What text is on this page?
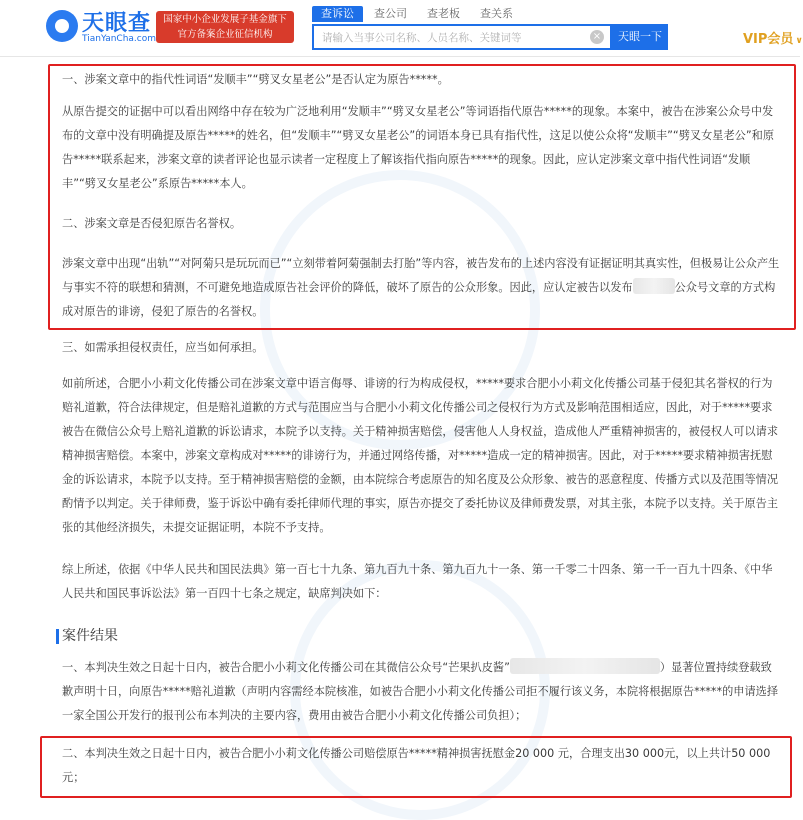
天眼查
TianYanCha.com
国家中小企业发展子基金旗下
官方备案企业征信机构
查诉讼	查公司	查老板	查关系
请输入当事公司名称、人员名称、关键词等
×	天眼一下	VIP会员 ∨

一、涉案文章中的指代性词语“发顺丰”“劈叉女星老公”是否认定为原告*****。

从原告提交的证据中可以看出网络中存在较为广泛地利用“发顺丰”“劈叉女星老公”等词语指代原告*****的现象。本案中，被告在涉案公众号中发布的文章中没有明确提及原告*****的姓名，但“发顺丰”“劈叉女星老公”的词语本身已具有指代性，这足以使公众将“发顺丰”“劈叉女星老公”和原告*****联系起来，涉案文章的读者评论也显示读者一定程度上了解该指代指向原告*****的现象。因此，应认定涉案文章中指代性词语“发顺丰”“劈叉女星老公”系原告*****本人。

二、涉案文章是否侵犯原告名誉权。

涉案文章中出现“出轨”“对阿菊只是玩玩而已”“立刻带着阿菊强制去打胎”等内容，被告发布的上述内容没有证据证明其真实性，但极易让公众产生与事实不符的联想和猜测，不可避免地造成原告社会评价的降低，破坏了原告的公众形象。因此，应认定被告以发布	公众号文章的方式构成对原告的诽谤，侵犯了原告的名誉权。

三、如需承担侵权责任，应当如何承担。

如前所述，合肥小小莉文化传播公司在涉案文章中语言侮辱、诽谤的行为构成侵权，*****要求合肥小小莉文化传播公司基于侵犯其名誉权的行为赔礼道歉，符合法律规定，但是赔礼道歉的方式与范围应当与合肥小小莉文化传播公司之侵权行为方式及影响范围相适应，因此，对于*****要求被告在微信公众号上赔礼道歉的诉讼请求，本院予以支持。关于精神损害赔偿，侵害他人人身权益，造成他人严重精神损害的，被侵权人可以请求精神损害赔偿。本案中，涉案文章构成对*****的诽谤行为，并通过网络传播，对*****造成一定的精神损害。因此，对于*****要求精神损害抚慰金的诉讼请求，本院予以支持。至于精神损害赔偿的金额，由本院综合考虑原告的知名度及公众形象、被告的恶意程度、传播方式以及范围等情况酌情予以判定。关于律师费，鉴于诉讼中确有委托律师代理的事实，原告亦提交了委托协议及律师费发票，对其主张，本院予以支持。关于原告主张的其他经济损失，未提交证据证明，本院不予支持。

综上所述，依据《中华人民共和国民法典》第一百七十九条、第九百九十条、第九百九十一条、第一千零二十四条、第一千一百九十四条、《中华人民共和国民事诉讼法》第一百四十七条之规定，缺席判决如下：

案件结果

一、本判决生效之日起十日内，被告合肥小小莉文化传播公司在其微信公众号“芒果扒皮酱”	）显著位置持续登载致歉声明十日，向原告*****赔礼道歉（声明内容需经本院核准，如被告合肥小小莉文化传播公司拒不履行该义务，本院将根据原告*****的申请选择一家全国公开发行的报刊公布本判决的主要内容，费用由被告合肥小小莉文化传播公司负担）；

二、本判决生效之日起十日内，被告合肥小小莉文化传播公司赔偿原告*****精神损害抚慰金20 000 元，合理支出30 000元，以上共计50 000 元；
